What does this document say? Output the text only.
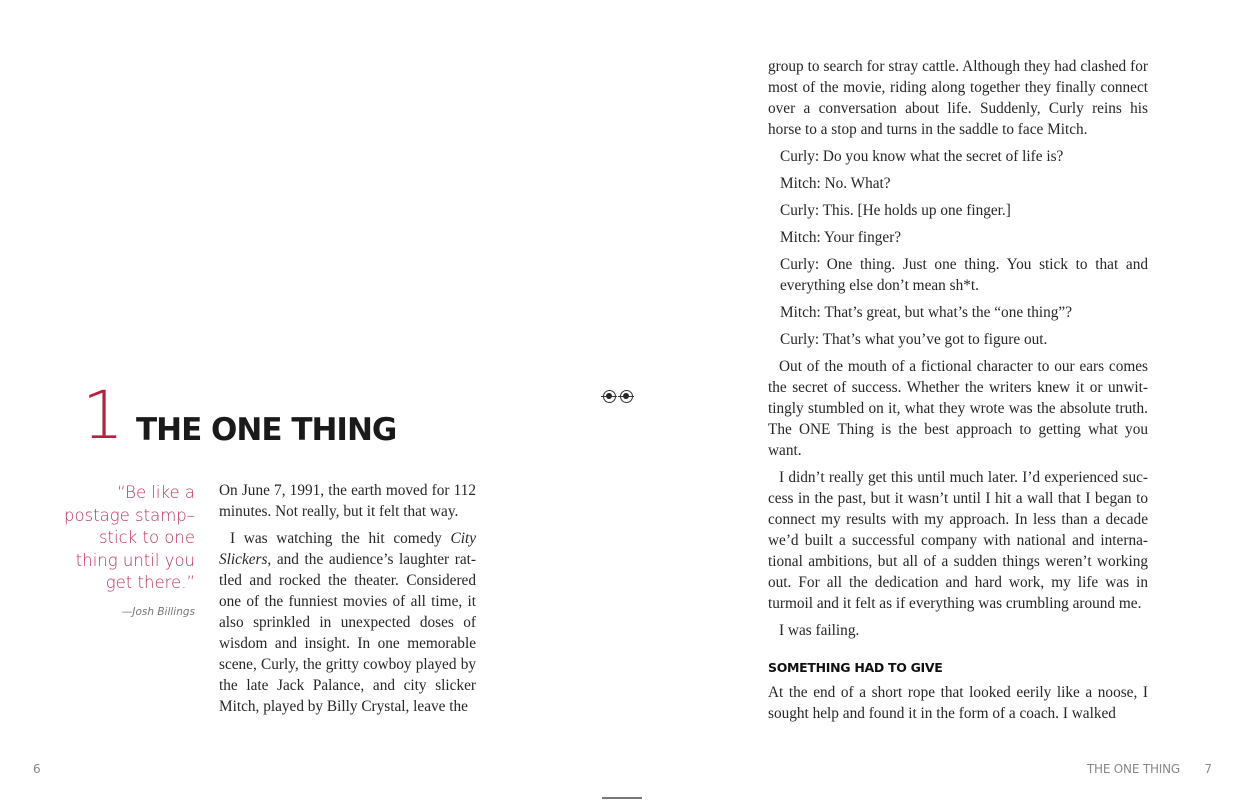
1 THE ONE THING
“Be like a
postage stamp–
stick to one
thing until you
get there.”
—Josh Billings

On June 7, 1991, the earth moved for 112 minutes. Not really, but it felt that way.

I was watching the hit comedy City Slickers, and the audience’s laughter rattled and rocked the theater. Considered one of the funniest movies of all time, it also sprinkled in unexpected doses of wisdom and insight. In one memorable scene, Curly, the gritty cowboy played by the late Jack Palance, and city slicker Mitch, played by Billy Crystal, leave the

6

group to search for stray cattle. Although they had clashed for most of the movie, riding along together they finally connect over a conversation about life. Suddenly, Curly reins his horse to a stop and turns in the saddle to face Mitch.

Curly: Do you know what the secret of life is?

Mitch: No. What?

Curly: This. [He holds up one finger.]

Mitch: Your finger?

Curly: One thing. Just one thing. You stick to that and everything else don’t mean sh*t.

Mitch: That’s great, but what’s the “one thing”?

Curly: That’s what you’ve got to figure out.

Out of the mouth of a fictional character to our ears comes the secret of success. Whether the writers knew it or unwittingly stumbled on it, what they wrote was the absolute truth. The ONE Thing is the best approach to getting what you want.

I didn’t really get this until much later. I’d experienced success in the past, but it wasn’t until I hit a wall that I began to connect my results with my approach. In less than a decade we’d built a successful company with national and international ambitions, but all of a sudden things weren’t working out. For all the dedication and hard work, my life was in turmoil and it felt as if everything was crumbling around me.

I was failing.

SOMETHING HAD TO GIVE

At the end of a short rope that looked eerily like a noose, I sought help and found it in the form of a coach. I walked

THE ONE THING 7
